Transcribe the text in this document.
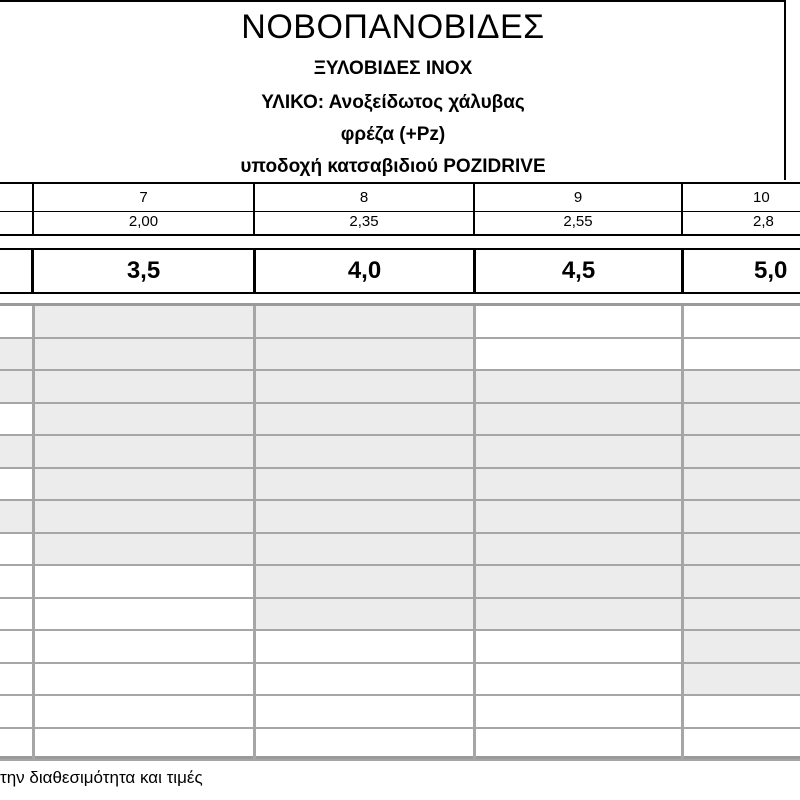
ΝΟΒΟΠΑΝΟΒΙΔΕΣ
ΞΥΛΟΒΙΔΕΣ INOX
ΥΛΙΚΟ: Ανοξείδωτος χάλυβας
φρέζα (+Pz)
υποδοχή κατσαβιδιού POZIDRIVE
7	8	9	10
2,00	2,35	2,55	2,8
3,5	4,0	4,5	5,0
την διαθεσιμότητα και τιμές
